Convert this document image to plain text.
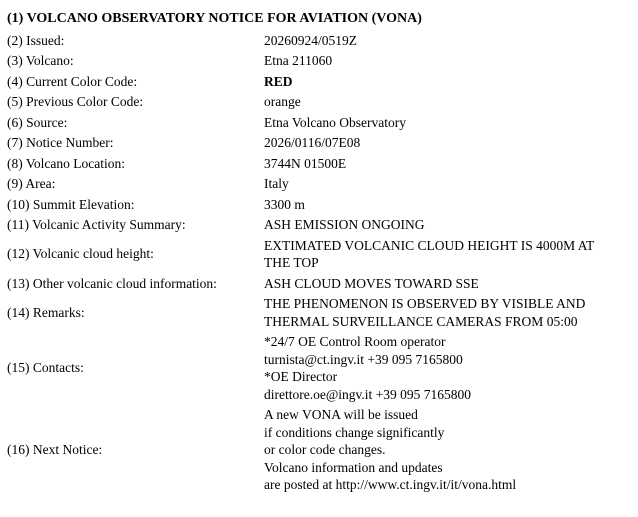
(1) VOLCANO OBSERVATORY NOTICE FOR AVIATION (VONA)
(2) Issued:	20260924/0519Z

(3) Volcano:	Etna 211060

(4) Current Color Code:	RED

(5) Previous Color Code:	orange

(6) Source:	Etna Volcano Observatory

(7) Notice Number:	2026/0116/07E08

(8) Volcano Location:	3744N 01500E

(9) Area:	Italy

(10) Summit Elevation:	3300 m

(11) Volcanic Activity Summary:	ASH EMISSION ONGOING

(12) Volcanic cloud height:	EXTIMATED VOLCANIC CLOUD HEIGHT IS 4000M AT
THE TOP

(13) Other volcanic cloud information:	ASH CLOUD MOVES TOWARD SSE

(14) Remarks:	THE PHENOMENON IS OBSERVED BY VISIBLE AND
THERMAL SURVEILLANCE CAMERAS FROM 05:00

(15) Contacts:	*24/7 OE Control Room operator
turnista@ct.ingv.it +39 095 7165800
*OE Director
direttore.oe@ingv.it +39 095 7165800

(16) Next Notice:	A new VONA will be issued
if conditions change significantly
or color code changes.
Volcano information and updates
are posted at http://www.ct.ingv.it/it/vona.html
